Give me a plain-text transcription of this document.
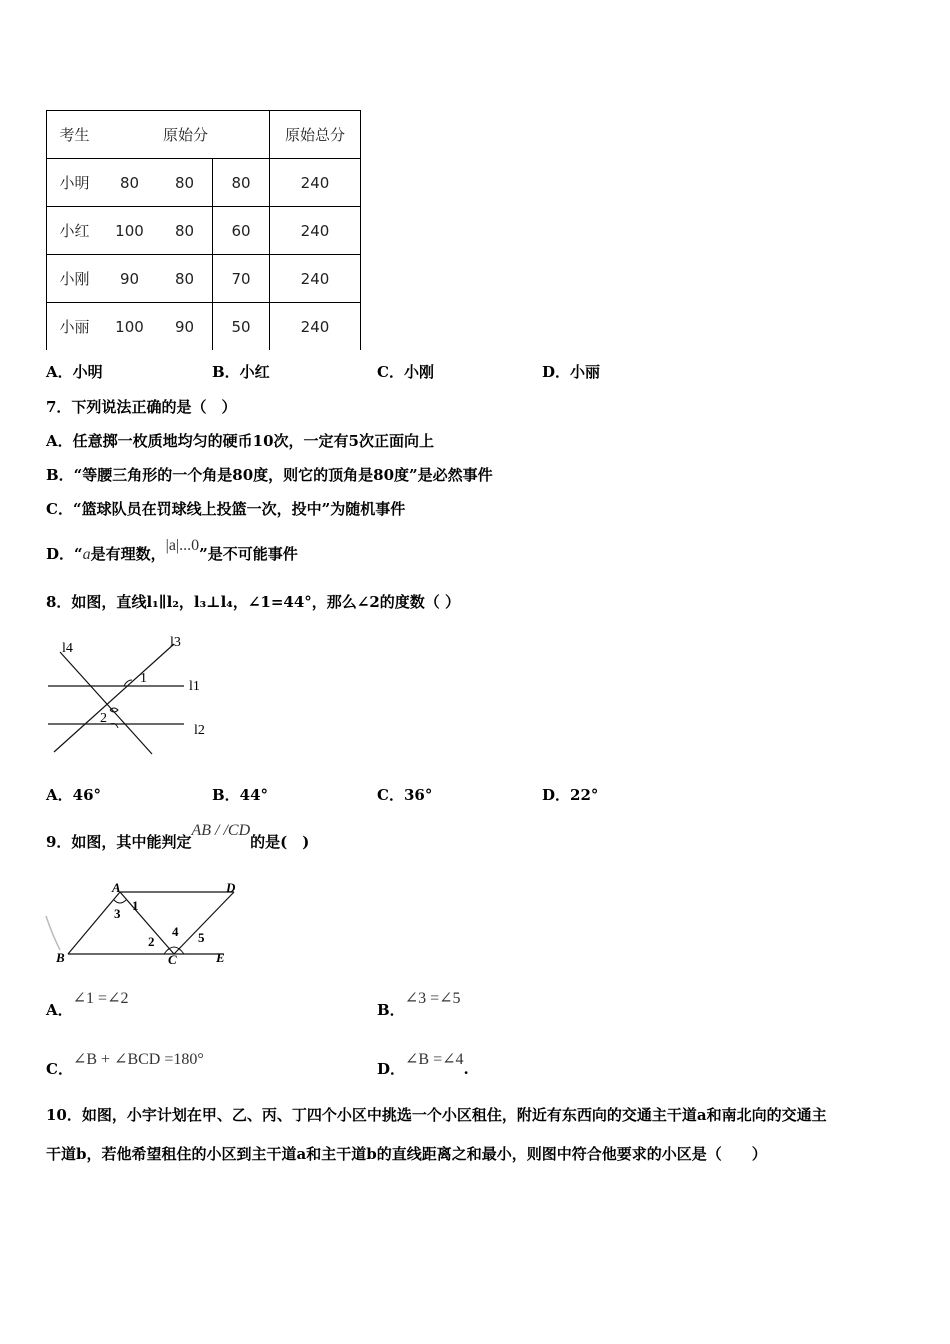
考生	原始分			原始总分
小明	80	80	80	240
小红	100	80	60	240
小刚	90	80	70	240
小丽	100	90	50	240
A．小明	B．小红	C．小刚	D．小丽
7．下列说法正确的是（　）
A．任意掷一枚质地均匀的硬币10次，一定有5次正面向上
B．“等腰三角形的一个角是80度，则它的顶角是80度”是必然事件
C．“篮球队员在罚球线上投篮一次，投中”为随机事件
D．“a是有理数，|a|...0”是不可能事件
8．如图，直线l₁∥l₂，l₃⊥l₄，∠1=44°，那么∠2的度数（ ）
l4	l3
l1
l2
1
2
A．46°	B．44°	C．36°	D．22°
9．如图，其中能判定AB / /CD的是(　)
A	D
B	C	E
1
3
2
4 5
A．∠1 =∠2
B．∠3 =∠5
C．∠B + ∠BCD =180°
D．∠B =∠4.
10．如图，小宇计划在甲、乙、丙、丁四个小区中挑选一个小区租住，附近有东西向的交通主干道a和南北向的交通主
干道b，若他希望租住的小区到主干道a和主干道b的直线距离之和最小，则图中符合他要求的小区是（　　）
